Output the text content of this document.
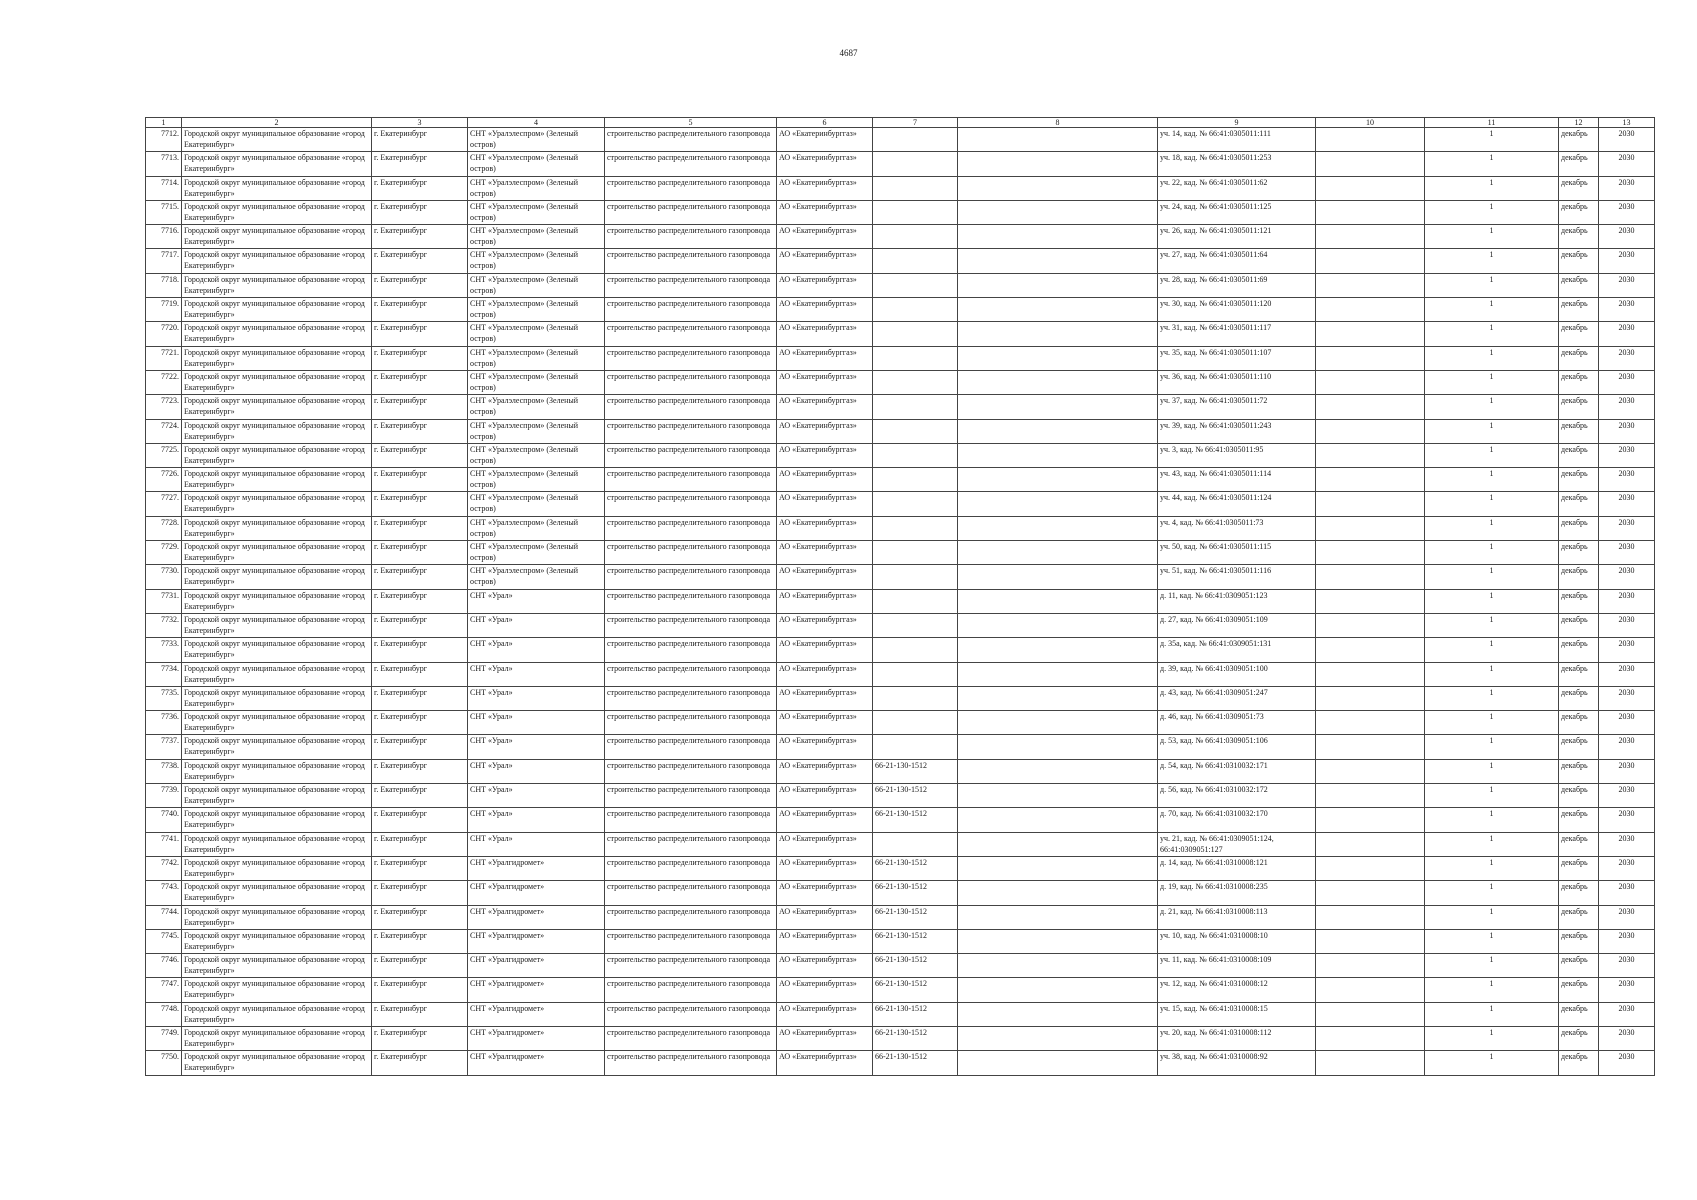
4687
1	2	3	4	5	6	7	8	9	10	11	12	13
7712.	Городской округ муниципальное образование «город Екатеринбург»	г. Екатеринбург	СНТ «Уралэлеспром» (Зеленый остров)	строительство распределительного газопровода	АО «Екатеринбурггаз»			уч. 14, кад. № 66:41:0305011:111		1	декабрь	2030
7713.	Городской округ муниципальное образование «город Екатеринбург»	г. Екатеринбург	СНТ «Уралэлеспром» (Зеленый остров)	строительство распределительного газопровода	АО «Екатеринбурггаз»			уч. 18, кад. № 66:41:0305011:253		1	декабрь	2030
7714.	Городской округ муниципальное образование «город Екатеринбург»	г. Екатеринбург	СНТ «Уралэлеспром» (Зеленый остров)	строительство распределительного газопровода	АО «Екатеринбурггаз»			уч. 22, кад. № 66:41:0305011:62		1	декабрь	2030
7715.	Городской округ муниципальное образование «город Екатеринбург»	г. Екатеринбург	СНТ «Уралэлеспром» (Зеленый остров)	строительство распределительного газопровода	АО «Екатеринбурггаз»			уч. 24, кад. № 66:41:0305011:125		1	декабрь	2030
7716.	Городской округ муниципальное образование «город Екатеринбург»	г. Екатеринбург	СНТ «Уралэлеспром» (Зеленый остров)	строительство распределительного газопровода	АО «Екатеринбурггаз»			уч. 26, кад. № 66:41:0305011:121		1	декабрь	2030
7717.	Городской округ муниципальное образование «город Екатеринбург»	г. Екатеринбург	СНТ «Уралэлеспром» (Зеленый остров)	строительство распределительного газопровода	АО «Екатеринбурггаз»			уч. 27, кад. № 66:41:0305011:64		1	декабрь	2030
7718.	Городской округ муниципальное образование «город Екатеринбург»	г. Екатеринбург	СНТ «Уралэлеспром» (Зеленый остров)	строительство распределительного газопровода	АО «Екатеринбурггаз»			уч. 28, кад. № 66:41:0305011:69		1	декабрь	2030
7719.	Городской округ муниципальное образование «город Екатеринбург»	г. Екатеринбург	СНТ «Уралэлеспром» (Зеленый остров)	строительство распределительного газопровода	АО «Екатеринбурггаз»			уч. 30, кад. № 66:41:0305011:120		1	декабрь	2030
7720.	Городской округ муниципальное образование «город Екатеринбург»	г. Екатеринбург	СНТ «Уралэлеспром» (Зеленый остров)	строительство распределительного газопровода	АО «Екатеринбурггаз»			уч. 31, кад. № 66:41:0305011:117		1	декабрь	2030
7721.	Городской округ муниципальное образование «город Екатеринбург»	г. Екатеринбург	СНТ «Уралэлеспром» (Зеленый остров)	строительство распределительного газопровода	АО «Екатеринбурггаз»			уч. 35, кад. № 66:41:0305011:107		1	декабрь	2030
7722.	Городской округ муниципальное образование «город Екатеринбург»	г. Екатеринбург	СНТ «Уралэлеспром» (Зеленый остров)	строительство распределительного газопровода	АО «Екатеринбурггаз»			уч. 36, кад. № 66:41:0305011:110		1	декабрь	2030
7723.	Городской округ муниципальное образование «город Екатеринбург»	г. Екатеринбург	СНТ «Уралэлеспром» (Зеленый остров)	строительство распределительного газопровода	АО «Екатеринбурггаз»			уч. 37, кад. № 66:41:0305011:72		1	декабрь	2030
7724.	Городской округ муниципальное образование «город Екатеринбург»	г. Екатеринбург	СНТ «Уралэлеспром» (Зеленый остров)	строительство распределительного газопровода	АО «Екатеринбурггаз»			уч. 39, кад. № 66:41:0305011:243		1	декабрь	2030
7725.	Городской округ муниципальное образование «город Екатеринбург»	г. Екатеринбург	СНТ «Уралэлеспром» (Зеленый остров)	строительство распределительного газопровода	АО «Екатеринбурггаз»			уч. 3, кад. № 66:41:0305011:95		1	декабрь	2030
7726.	Городской округ муниципальное образование «город Екатеринбург»	г. Екатеринбург	СНТ «Уралэлеспром» (Зеленый остров)	строительство распределительного газопровода	АО «Екатеринбурггаз»			уч. 43, кад. № 66:41:0305011:114		1	декабрь	2030
7727.	Городской округ муниципальное образование «город Екатеринбург»	г. Екатеринбург	СНТ «Уралэлеспром» (Зеленый остров)	строительство распределительного газопровода	АО «Екатеринбурггаз»			уч. 44, кад. № 66:41:0305011:124		1	декабрь	2030
7728.	Городской округ муниципальное образование «город Екатеринбург»	г. Екатеринбург	СНТ «Уралэлеспром» (Зеленый остров)	строительство распределительного газопровода	АО «Екатеринбурггаз»			уч. 4, кад. № 66:41:0305011:73		1	декабрь	2030
7729.	Городской округ муниципальное образование «город Екатеринбург»	г. Екатеринбург	СНТ «Уралэлеспром» (Зеленый остров)	строительство распределительного газопровода	АО «Екатеринбурггаз»			уч. 50, кад. № 66:41:0305011:115		1	декабрь	2030
7730.	Городской округ муниципальное образование «город Екатеринбург»	г. Екатеринбург	СНТ «Уралэлеспром» (Зеленый остров)	строительство распределительного газопровода	АО «Екатеринбурггаз»			уч. 51, кад. № 66:41:0305011:116		1	декабрь	2030
7731.	Городской округ муниципальное образование «город Екатеринбург»	г. Екатеринбург	СНТ «Урал»	строительство распределительного газопровода	АО «Екатеринбурггаз»			д. 11, кад. № 66:41:0309051:123		1	декабрь	2030
7732.	Городской округ муниципальное образование «город Екатеринбург»	г. Екатеринбург	СНТ «Урал»	строительство распределительного газопровода	АО «Екатеринбурггаз»			д. 27, кад. № 66:41:0309051:109		1	декабрь	2030
7733.	Городской округ муниципальное образование «город Екатеринбург»	г. Екатеринбург	СНТ «Урал»	строительство распределительного газопровода	АО «Екатеринбурггаз»			д. 35а, кад. № 66:41:0309051:131		1	декабрь	2030
7734.	Городской округ муниципальное образование «город Екатеринбург»	г. Екатеринбург	СНТ «Урал»	строительство распределительного газопровода	АО «Екатеринбурггаз»			д. 39, кад. № 66:41:0309051:100		1	декабрь	2030
7735.	Городской округ муниципальное образование «город Екатеринбург»	г. Екатеринбург	СНТ «Урал»	строительство распределительного газопровода	АО «Екатеринбурггаз»			д. 43, кад. № 66:41:0309051:247		1	декабрь	2030
7736.	Городской округ муниципальное образование «город Екатеринбург»	г. Екатеринбург	СНТ «Урал»	строительство распределительного газопровода	АО «Екатеринбурггаз»			д. 46, кад. № 66:41:0309051:73		1	декабрь	2030
7737.	Городской округ муниципальное образование «город Екатеринбург»	г. Екатеринбург	СНТ «Урал»	строительство распределительного газопровода	АО «Екатеринбурггаз»			д. 53, кад. № 66:41:0309051:106		1	декабрь	2030
7738.	Городской округ муниципальное образование «город Екатеринбург»	г. Екатеринбург	СНТ «Урал»	строительство распределительного газопровода	АО «Екатеринбурггаз»	66-21-130-1512		д. 54, кад. № 66:41:0310032:171		1	декабрь	2030
7739.	Городской округ муниципальное образование «город Екатеринбург»	г. Екатеринбург	СНТ «Урал»	строительство распределительного газопровода	АО «Екатеринбурггаз»	66-21-130-1512		д. 56, кад. № 66:41:0310032:172		1	декабрь	2030
7740.	Городской округ муниципальное образование «город Екатеринбург»	г. Екатеринбург	СНТ «Урал»	строительство распределительного газопровода	АО «Екатеринбурггаз»	66-21-130-1512		д. 70, кад. № 66:41:0310032:170		1	декабрь	2030
7741.	Городской округ муниципальное образование «город Екатеринбург»	г. Екатеринбург	СНТ «Урал»	строительство распределительного газопровода	АО «Екатеринбурггаз»			уч. 21, кад. № 66:41:0309051:124, 66:41:0309051:127		1	декабрь	2030
7742.	Городской округ муниципальное образование «город Екатеринбург»	г. Екатеринбург	СНТ «Уралгидромет»	строительство распределительного газопровода	АО «Екатеринбурггаз»	66-21-130-1512		д. 14, кад. № 66:41:0310008:121		1	декабрь	2030
7743.	Городской округ муниципальное образование «город Екатеринбург»	г. Екатеринбург	СНТ «Уралгидромет»	строительство распределительного газопровода	АО «Екатеринбурггаз»	66-21-130-1512		д. 19, кад. № 66:41:0310008:235		1	декабрь	2030
7744.	Городской округ муниципальное образование «город Екатеринбург»	г. Екатеринбург	СНТ «Уралгидромет»	строительство распределительного газопровода	АО «Екатеринбурггаз»	66-21-130-1512		д. 21, кад. № 66:41:0310008:113		1	декабрь	2030
7745.	Городской округ муниципальное образование «город Екатеринбург»	г. Екатеринбург	СНТ «Уралгидромет»	строительство распределительного газопровода	АО «Екатеринбурггаз»	66-21-130-1512		уч. 10, кад. № 66:41:0310008:10		1	декабрь	2030
7746.	Городской округ муниципальное образование «город Екатеринбург»	г. Екатеринбург	СНТ «Уралгидромет»	строительство распределительного газопровода	АО «Екатеринбурггаз»	66-21-130-1512		уч. 11, кад. № 66:41:0310008:109		1	декабрь	2030
7747.	Городской округ муниципальное образование «город Екатеринбург»	г. Екатеринбург	СНТ «Уралгидромет»	строительство распределительного газопровода	АО «Екатеринбурггаз»	66-21-130-1512		уч. 12, кад. № 66:41:0310008:12		1	декабрь	2030
7748.	Городской округ муниципальное образование «город Екатеринбург»	г. Екатеринбург	СНТ «Уралгидромет»	строительство распределительного газопровода	АО «Екатеринбурггаз»	66-21-130-1512		уч. 15, кад. № 66:41:0310008:15		1	декабрь	2030
7749.	Городской округ муниципальное образование «город Екатеринбург»	г. Екатеринбург	СНТ «Уралгидромет»	строительство распределительного газопровода	АО «Екатеринбурггаз»	66-21-130-1512		уч. 20, кад. № 66:41:0310008:112		1	декабрь	2030
7750.	Городской округ муниципальное образование «город Екатеринбург»	г. Екатеринбург	СНТ «Уралгидромет»	строительство распределительного газопровода	АО «Екатеринбурггаз»	66-21-130-1512		уч. 38, кад. № 66:41:0310008:92		1	декабрь	2030
